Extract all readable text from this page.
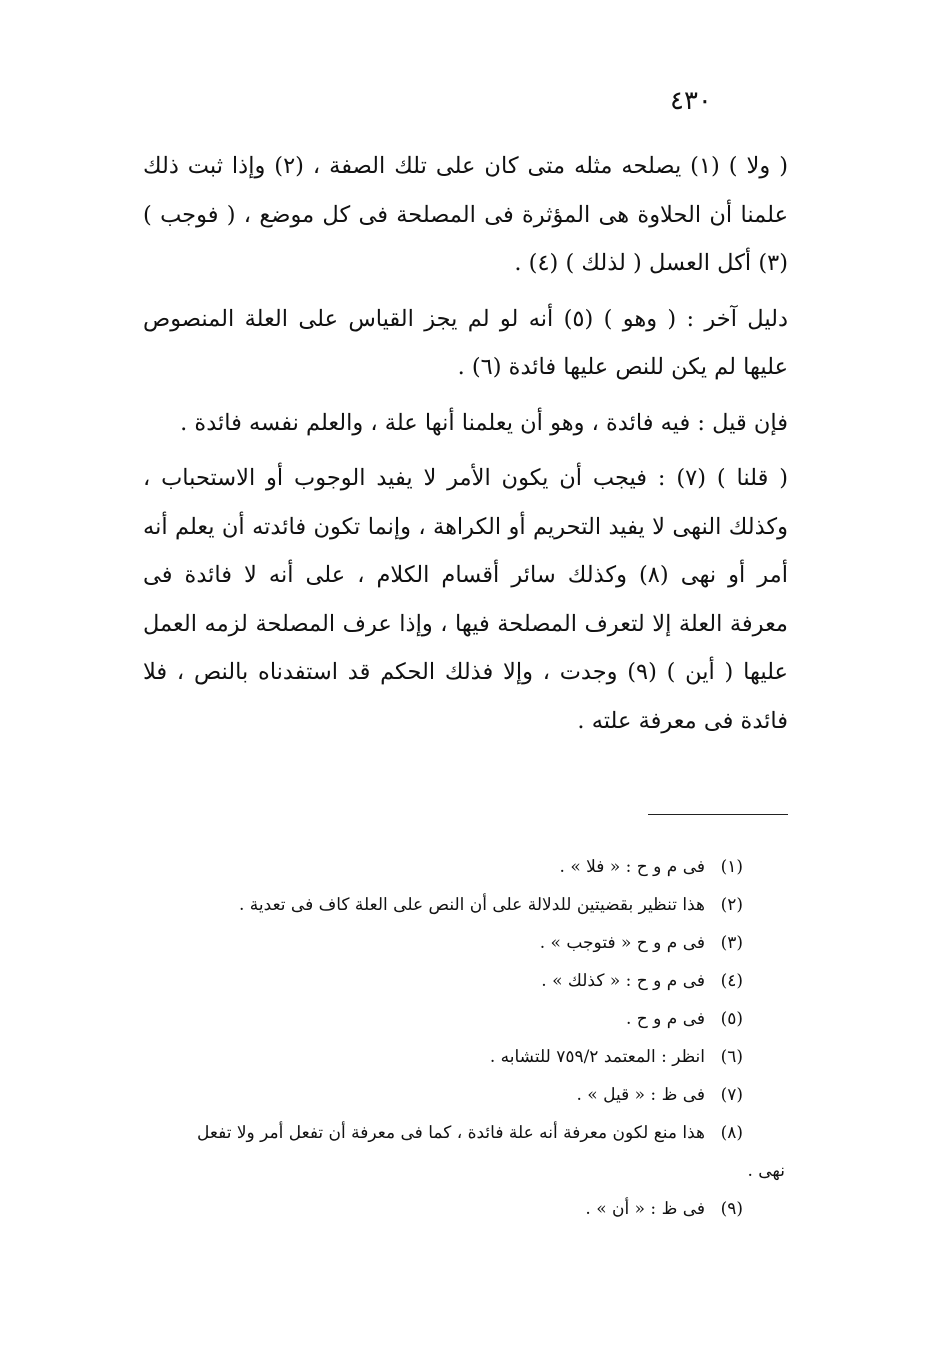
٤٣٠

( ولا ) (١) يصلحه مثله متى كان على تلك الصفة ، (٢) وإذا ثبت ذلك علمنا أن الحلاوة هى المؤثرة فى المصلحة فى كل موضع ، ( فوجب ) (٣) أكل العسل ( لذلك ) (٤) .

دليل آخر : ( وهو ) (٥) أنه لو لم يجز القياس على العلة المنصوص عليها لم يكن للنص عليها فائدة (٦) .

فإن قيل : فيه فائدة ، وهو أن يعلمنا أنها علة ، والعلم نفسه فائدة .

( قلنا ) (٧) : فيجب أن يكون الأمر لا يفيد الوجوب أو الاستحباب ، وكذلك النهى لا يفيد التحريم أو الكراهة ، وإنما تكون فائدته أن يعلم أنه أمر أو نهى (٨) وكذلك سائر أقسام الكلام ، على أنه لا فائدة فى معرفة العلة إلا لتعرف المصلحة فيها ، وإذا عرف المصلحة لزمه العمل عليها ( أين ) (٩) وجدت ، وإلا فذلك الحكم قد استفدناه بالنص ، فلا فائدة فى معرفة علته .

(١)فى م و ح : « فلا » .
(٢)هذا تنظير بقضيتين للدلالة على أن النص على العلة كاف فى تعدية .
(٣)فى م و ح « فتوجب » .
(٤)فى م و ح : « كذلك » .
(٥)فى م و ح .
(٦)انظر : المعتمد ٧٥٩/٢ للتشابه .
(٧)فى ظ : « قيل » .
(٨)هذا منع لكون معرفة أنه علة فائدة ، كما فى معرفة أن تفعل أمر ولا تفعل
نهى .
(٩)فى ظ : « أن » .
